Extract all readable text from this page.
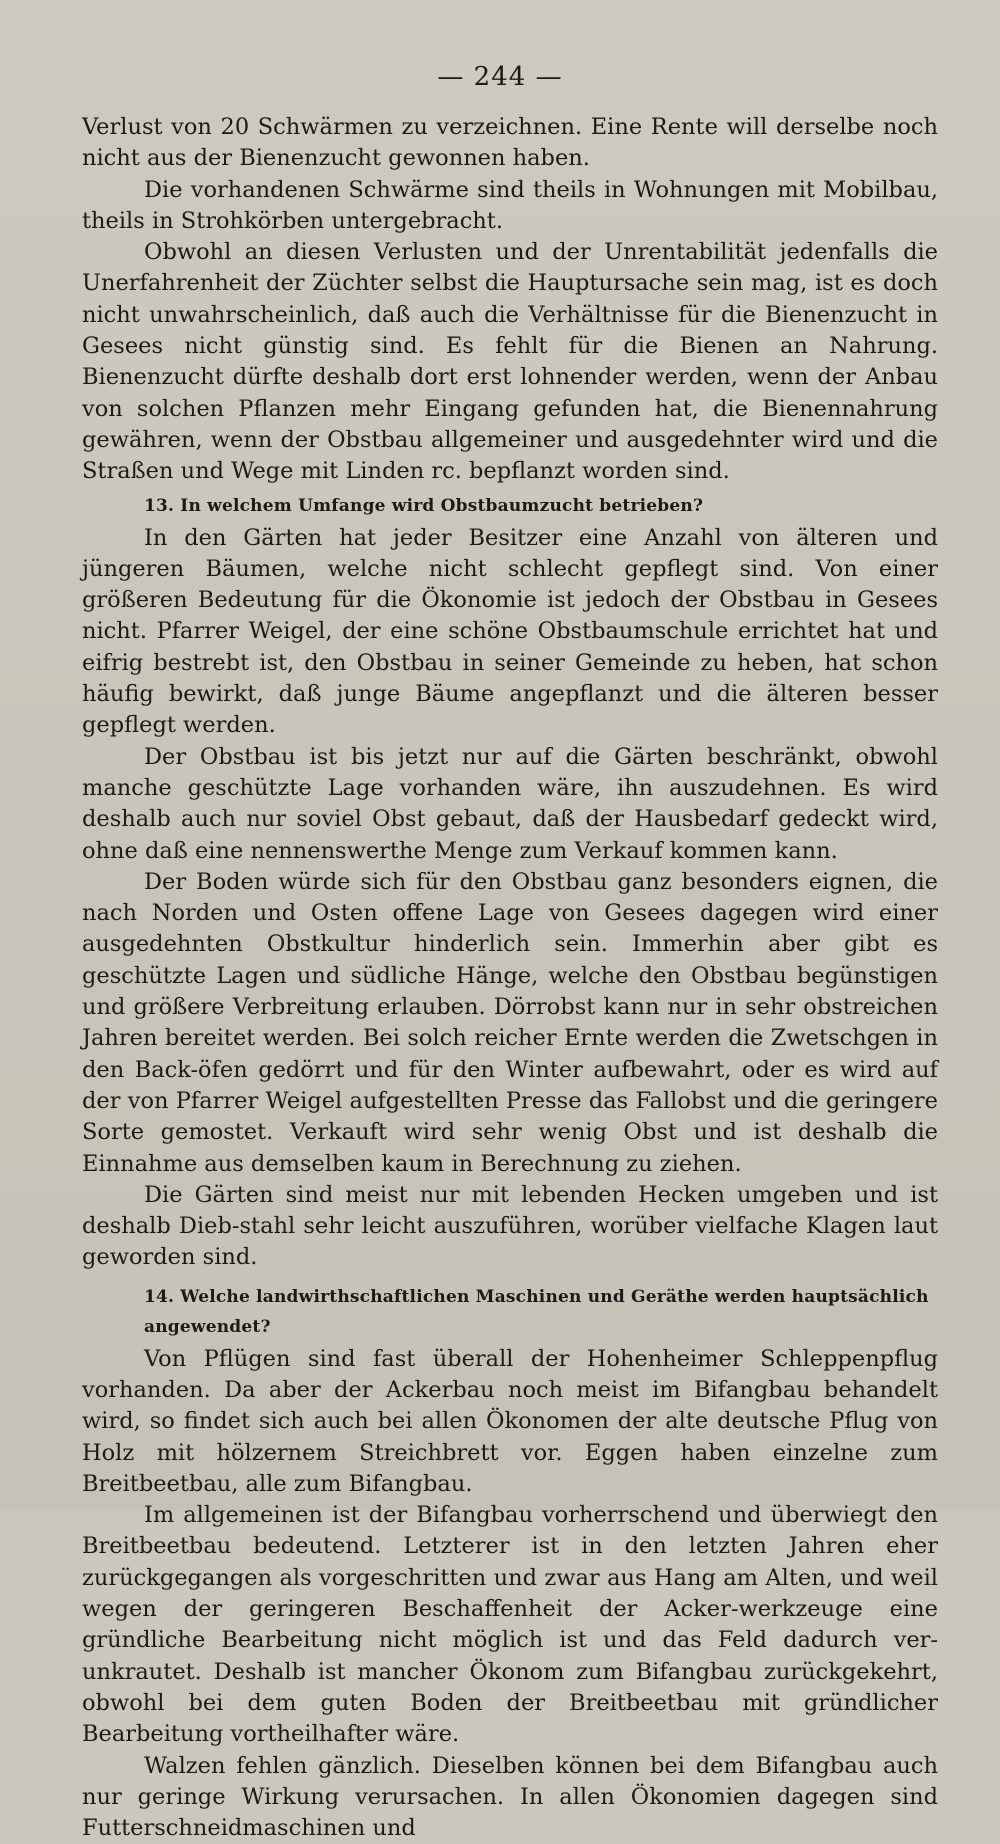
— 244 —

Verlust von 20 Schwärmen zu verzeichnen. Eine Rente will derselbe noch nicht aus der Bienenzucht gewonnen haben.

Die vorhandenen Schwärme sind theils in Wohnungen mit Mobilbau, theils in Strohkörben untergebracht.

Obwohl an diesen Verlusten und der Unrentabilität jedenfalls die Unerfahrenheit der Züchter selbst die Hauptursache sein mag, ist es doch nicht unwahrscheinlich, daß auch die Verhältnisse für die Bienenzucht in Gesees nicht günstig sind. Es fehlt für die Bienen an Nahrung. Bienenzucht dürfte deshalb dort erst lohnender werden, wenn der Anbau von solchen Pflanzen mehr Eingang gefunden hat, die Bienennahrung gewähren, wenn der Obstbau allgemeiner und ausgedehnter wird und die Straßen und Wege mit Linden rc. bepflanzt worden sind.

13. In welchem Umfange wird Obstbaumzucht betrieben?

In den Gärten hat jeder Besitzer eine Anzahl von älteren und jüngeren Bäumen, welche nicht schlecht gepflegt sind. Von einer größeren Bedeutung für die Ökonomie ist jedoch der Obstbau in Gesees nicht. Pfarrer Weigel, der eine schöne Obstbaumschule errichtet hat und eifrig bestrebt ist, den Obstbau in seiner Gemeinde zu heben, hat schon häufig bewirkt, daß junge Bäume angepflanzt und die älteren besser gepflegt werden.

Der Obstbau ist bis jetzt nur auf die Gärten beschränkt, obwohl manche geschützte Lage vorhanden wäre, ihn auszudehnen. Es wird deshalb auch nur soviel Obst gebaut, daß der Hausbedarf gedeckt wird, ohne daß eine nennenswerthe Menge zum Verkauf kommen kann.

Der Boden würde sich für den Obstbau ganz besonders eignen, die nach Norden und Osten offene Lage von Gesees dagegen wird einer ausgedehnten Obstkultur hinderlich sein. Immerhin aber gibt es geschützte Lagen und südliche Hänge, welche den Obstbau begünstigen und größere Verbreitung erlauben. Dörrobst kann nur in sehr obstreichen Jahren bereitet werden. Bei solch reicher Ernte werden die Zwetschgen in den Back-öfen gedörrt und für den Winter aufbewahrt, oder es wird auf der von Pfarrer Weigel aufgestellten Presse das Fallobst und die geringere Sorte gemostet. Verkauft wird sehr wenig Obst und ist deshalb die Einnahme aus demselben kaum in Berechnung zu ziehen.

Die Gärten sind meist nur mit lebenden Hecken umgeben und ist deshalb Dieb-stahl sehr leicht auszuführen, worüber vielfache Klagen laut geworden sind.

14. Welche landwirthschaftlichen Maschinen und Geräthe werden hauptsächlich angewendet?

Von Pflügen sind fast überall der Hohenheimer Schleppenpflug vorhanden. Da aber der Ackerbau noch meist im Bifangbau behandelt wird, so findet sich auch bei allen Ökonomen der alte deutsche Pflug von Holz mit hölzernem Streichbrett vor. Eggen haben einzelne zum Breitbeetbau, alle zum Bifangbau.

Im allgemeinen ist der Bifangbau vorherrschend und überwiegt den Breitbeetbau bedeutend. Letzterer ist in den letzten Jahren eher zurückgegangen als vorgeschritten und zwar aus Hang am Alten, und weil wegen der geringeren Beschaffenheit der Acker-werkzeuge eine gründliche Bearbeitung nicht möglich ist und das Feld dadurch ver-unkrautet. Deshalb ist mancher Ökonom zum Bifangbau zurückgekehrt, obwohl bei dem guten Boden der Breitbeetbau mit gründlicher Bearbeitung vortheilhafter wäre.

Walzen fehlen gänzlich. Dieselben können bei dem Bifangbau auch nur geringe Wirkung verursachen. In allen Ökonomien dagegen sind Futterschneidmaschinen und
